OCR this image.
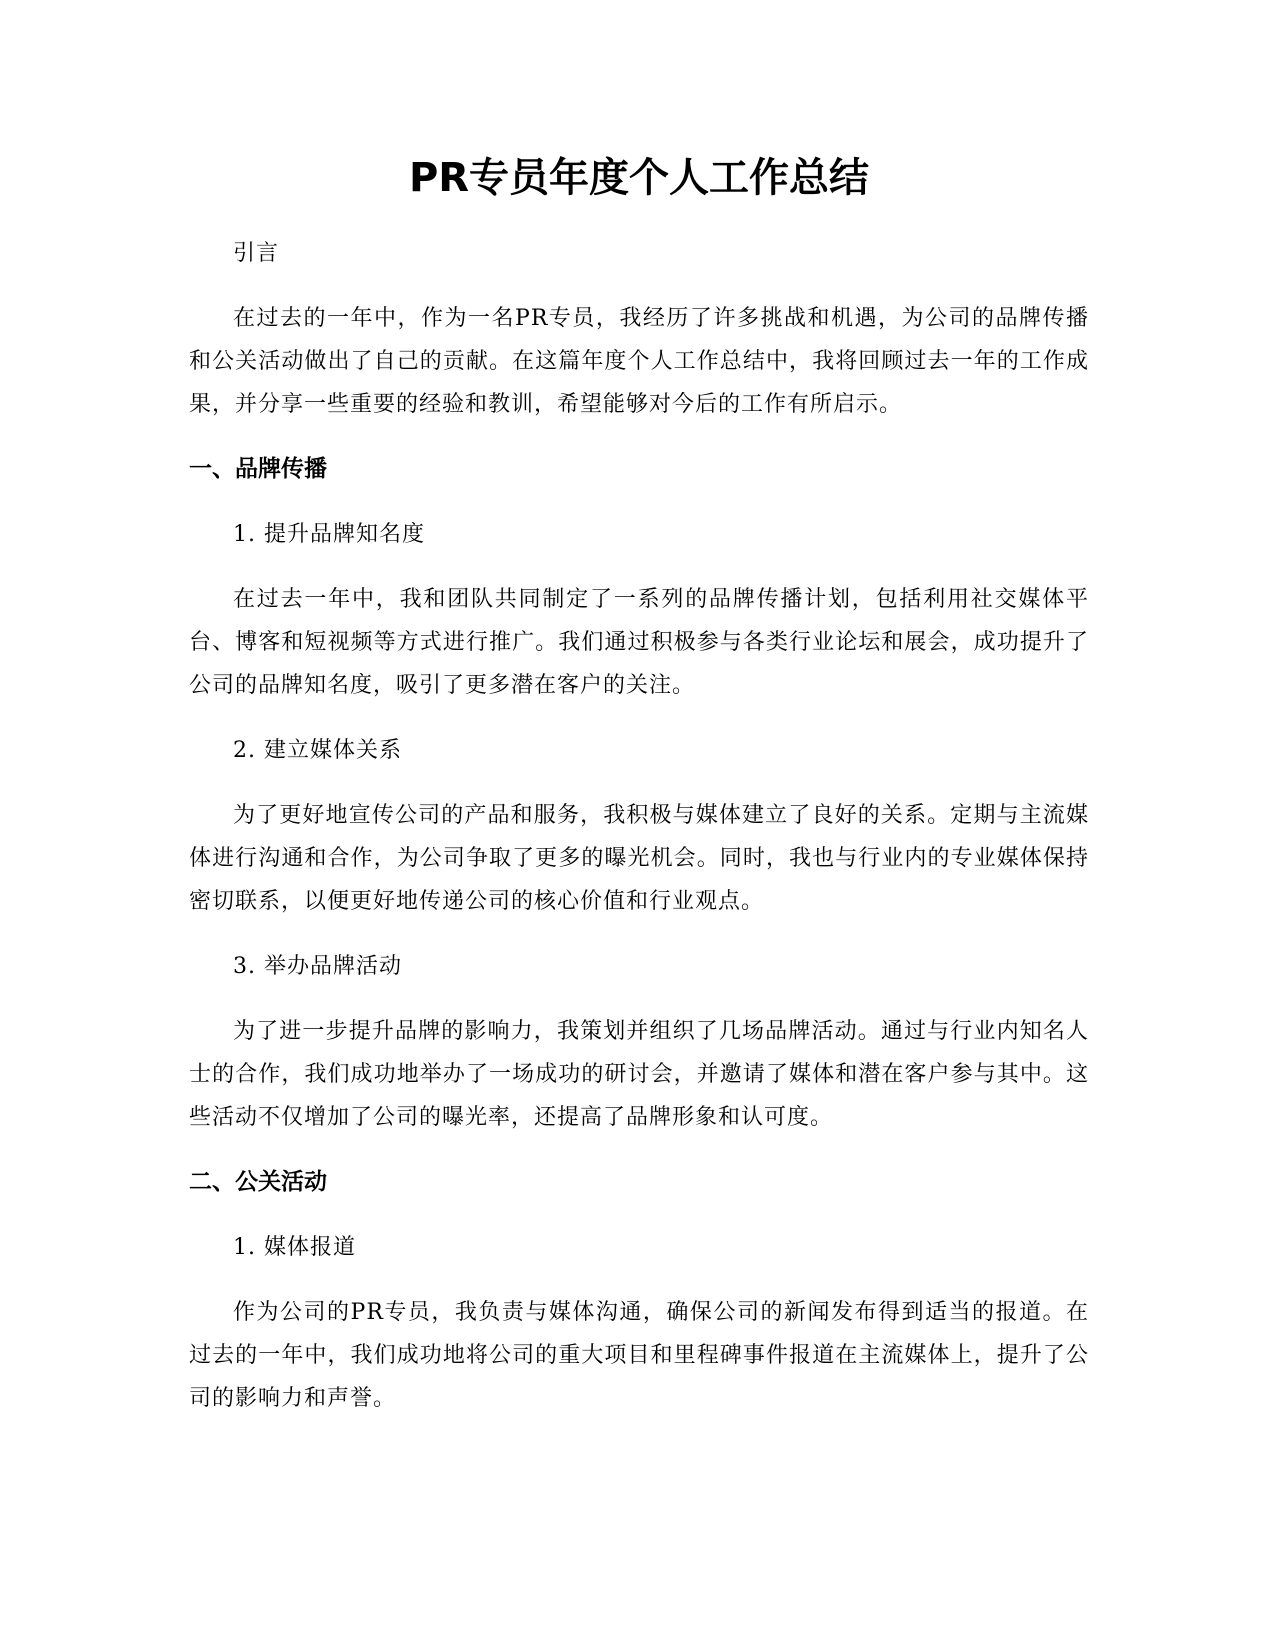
PR专员年度个人工作总结

引言

在过去的一年中，作为一名PR专员，我经历了许多挑战和机遇，为公司的品牌传播和公关活动做出了自己的贡献。在这篇年度个人工作总结中，我将回顾过去一年的工作成果，并分享一些重要的经验和教训，希望能够对今后的工作有所启示。

一、品牌传播

1. 提升品牌知名度

在过去一年中，我和团队共同制定了一系列的品牌传播计划，包括利用社交媒体平台、博客和短视频等方式进行推广。我们通过积极参与各类行业论坛和展会，成功提升了公司的品牌知名度，吸引了更多潜在客户的关注。

2. 建立媒体关系

为了更好地宣传公司的产品和服务，我积极与媒体建立了良好的关系。定期与主流媒体进行沟通和合作，为公司争取了更多的曝光机会。同时，我也与行业内的专业媒体保持密切联系，以便更好地传递公司的核心价值和行业观点。

3. 举办品牌活动

为了进一步提升品牌的影响力，我策划并组织了几场品牌活动。通过与行业内知名人士的合作，我们成功地举办了一场成功的研讨会，并邀请了媒体和潜在客户参与其中。这些活动不仅增加了公司的曝光率，还提高了品牌形象和认可度。

二、公关活动

1. 媒体报道

作为公司的PR专员，我负责与媒体沟通，确保公司的新闻发布得到适当的报道。在过去的一年中，我们成功地将公司的重大项目和里程碑事件报道在主流媒体上，提升了公司的影响力和声誉。
